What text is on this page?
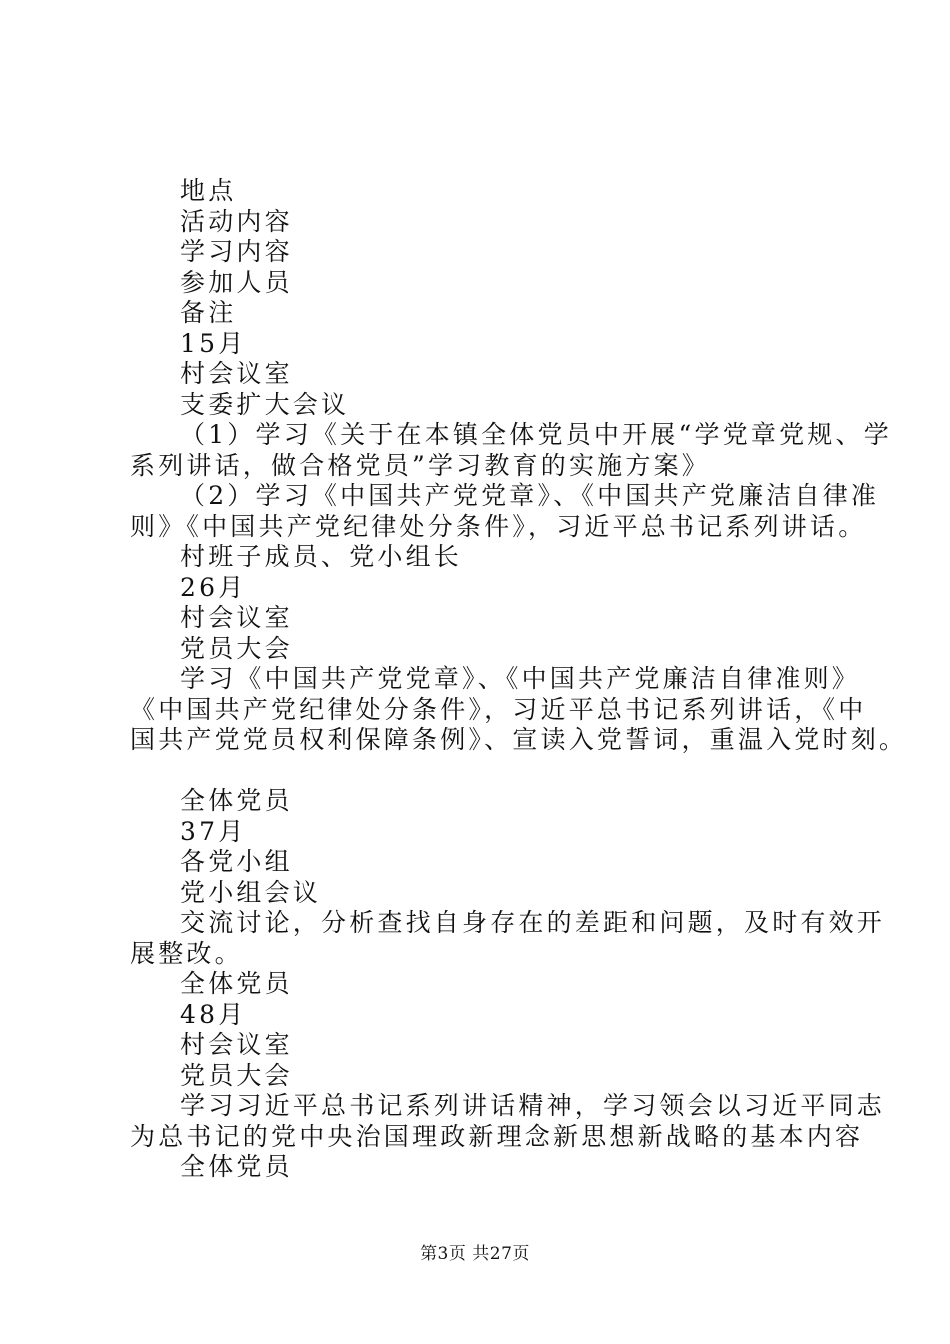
地点
活动内容
学习内容
参加人员
备注
15月
村会议室
支委扩大会议
（1）学习《关于在本镇全体党员中开展“学党章党规、学
系列讲话，做合格党员”学习教育的实施方案》
（2）学习《中国共产党党章》、《中国共产党廉洁自律准
则》《中国共产党纪律处分条件》，习近平总书记系列讲话。
村班子成员、党小组长
26月
村会议室
党员大会
学习《中国共产党党章》、《中国共产党廉洁自律准则》
《中国共产党纪律处分条件》，习近平总书记系列讲话，《中
国共产党党员权利保障条例》、宣读入党誓词，重温入党时刻。
全体党员
37月
各党小组
党小组会议
交流讨论，分析查找自身存在的差距和问题，及时有效开
展整改。
全体党员
48月
村会议室
党员大会
学习习近平总书记系列讲话精神，学习领会以习近平同志
为总书记的党中央治国理政新理念新思想新战略的基本内容
全体党员
第3页 共27页
